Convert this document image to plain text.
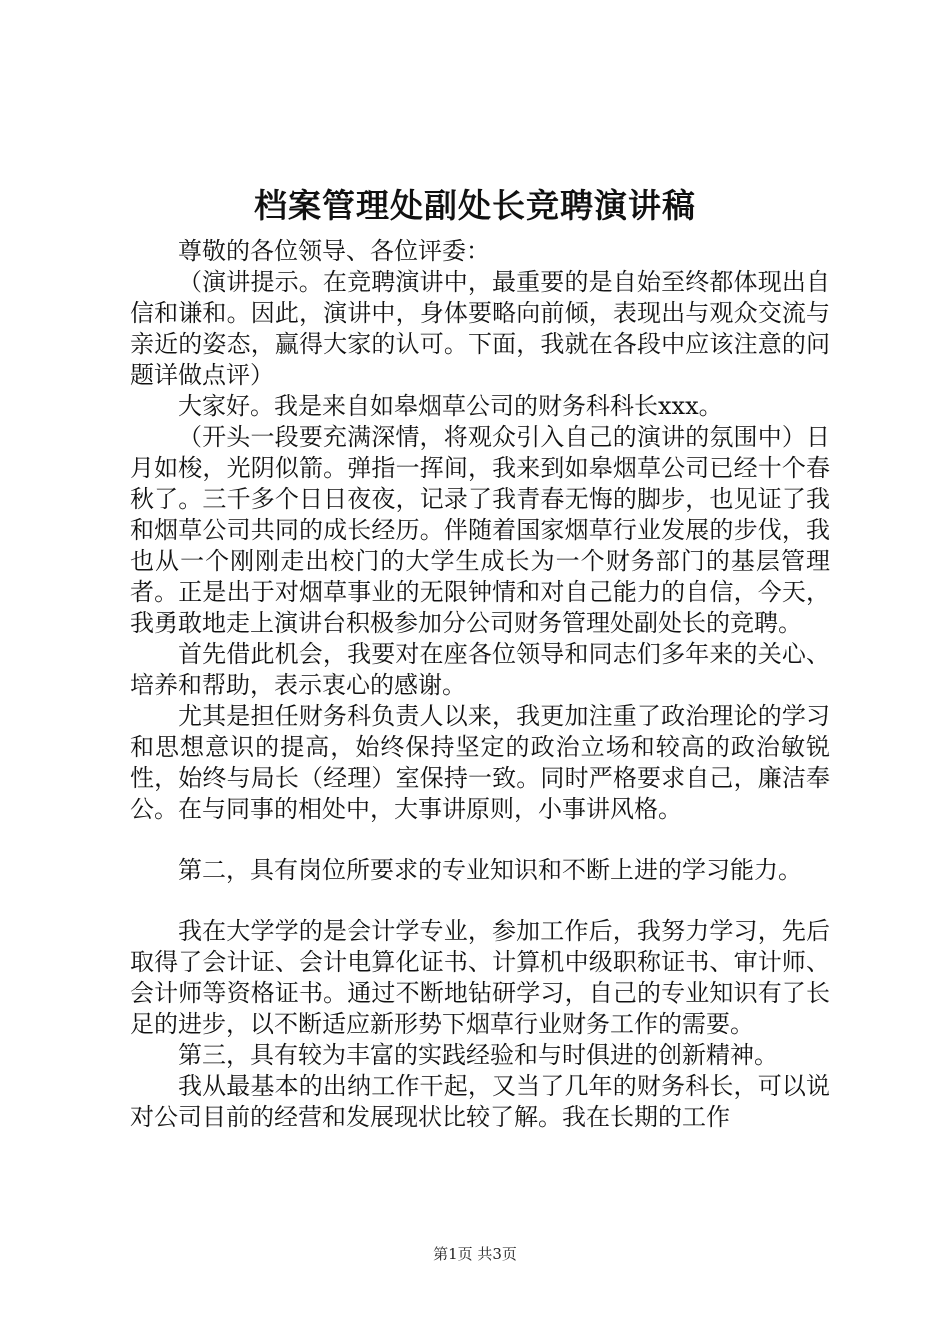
档案管理处副处长竞聘演讲稿

尊敬的各位领导、各位评委：

（演讲提示。在竞聘演讲中，最重要的是自始至终都体现出自信和谦和。因此，演讲中，身体要略向前倾，表现出与观众交流与亲近的姿态，赢得大家的认可。下面，我就在各段中应该注意的问题详做点评）

大家好。我是来自如皋烟草公司的财务科科长xxx。

（开头一段要充满深情，将观众引入自己的演讲的氛围中）日月如梭，光阴似箭。弹指一挥间，我来到如皋烟草公司已经十个春秋了。三千多个日日夜夜，记录了我青春无悔的脚步，也见证了我和烟草公司共同的成长经历。伴随着国家烟草行业发展的步伐，我也从一个刚刚走出校门的大学生成长为一个财务部门的基层管理者。正是出于对烟草事业的无限钟情和对自己能力的自信，今天，我勇敢地走上演讲台积极参加分公司财务管理处副处长的竞聘。

首先借此机会，我要对在座各位领导和同志们多年来的关心、培养和帮助，表示衷心的感谢。

尤其是担任财务科负责人以来，我更加注重了政治理论的学习和思想意识的提高，始终保持坚定的政治立场和较高的政治敏锐性，始终与局长（经理）室保持一致。同时严格要求自己，廉洁奉公。在与同事的相处中，大事讲原则，小事讲风格。

第二，具有岗位所要求的专业知识和不断上进的学习能力。

我在大学学的是会计学专业，参加工作后，我努力学习，先后取得了会计证、会计电算化证书、计算机中级职称证书、审计师、会计师等资格证书。通过不断地钻研学习，自己的专业知识有了长足的进步，以不断适应新形势下烟草行业财务工作的需要。

第三，具有较为丰富的实践经验和与时俱进的创新精神。

我从最基本的出纳工作干起，又当了几年的财务科长，可以说对公司目前的经营和发展现状比较了解。我在长期的工作

第1页 共3页
